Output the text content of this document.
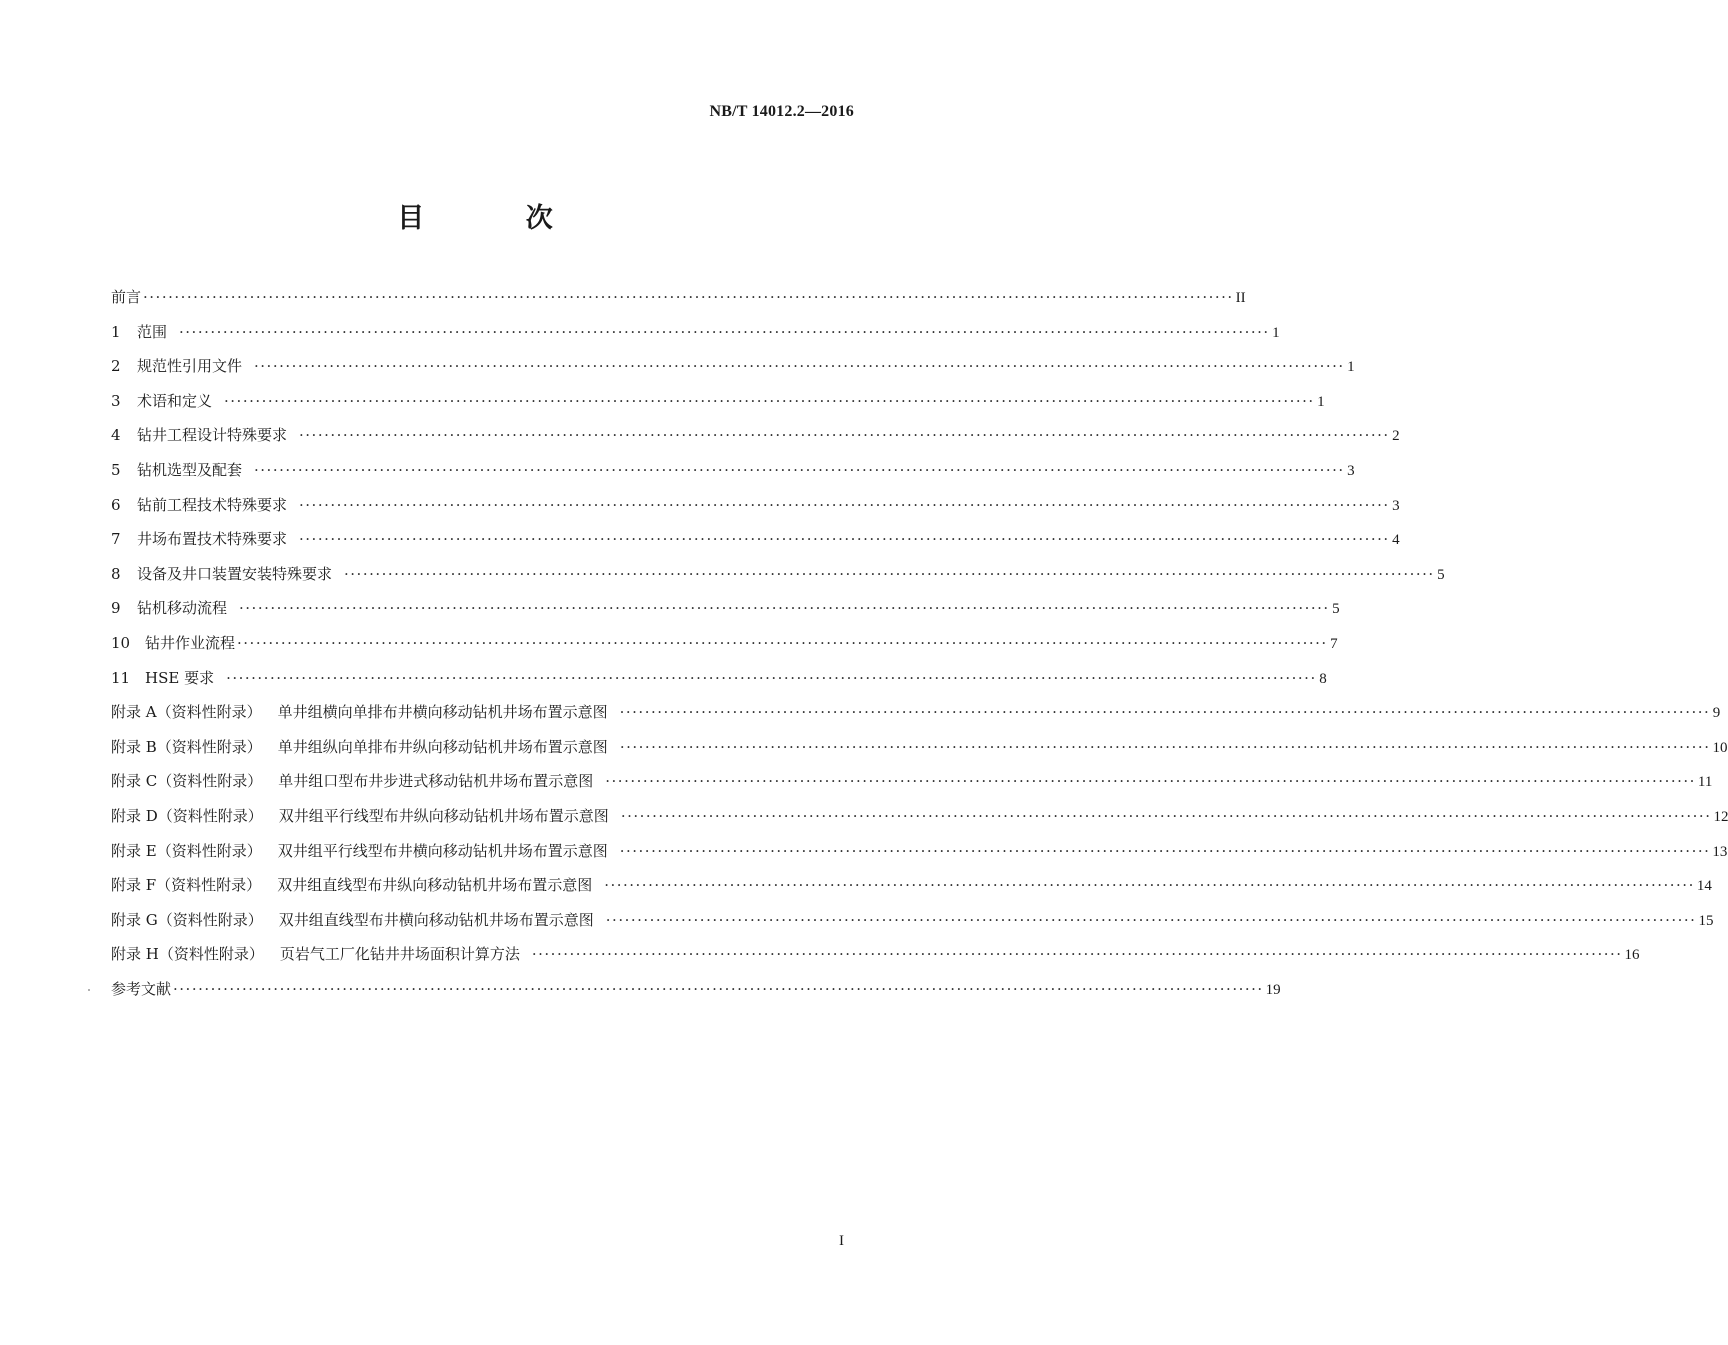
NB/T 14012.2—2016
目 次
前言 ·············································································································································································· II
1	范围 ·············································································································································································· 1
2	规范性引用文件 ·············································································································································································· 1
3	术语和定义 ·············································································································································································· 1
4	钻井工程设计特殊要求 ·············································································································································································· 2
5	钻机选型及配套 ·············································································································································································· 3
6	钻前工程技术特殊要求 ·············································································································································································· 3
7	井场布置技术特殊要求 ·············································································································································································· 4
8	设备及井口装置安装特殊要求 ·············································································································································································· 5
9	钻机移动流程 ·············································································································································································· 5
10 钻井作业流程 ·············································································································································································· 7
11 HSE 要求 ·············································································································································································· 8
附录 A（资料性附录） 单井组横向单排布井横向移动钻机井场布置示意图 ·············································································································································································· 9
附录 B（资料性附录） 单井组纵向单排布井纵向移动钻机井场布置示意图 ·············································································································································································· 10
附录 C（资料性附录） 单井组口型布井步进式移动钻机井场布置示意图 ·············································································································································································· 11
附录 D（资料性附录） 双井组平行线型布井纵向移动钻机井场布置示意图 ·············································································································································································· 12
附录 E（资料性附录） 双井组平行线型布井横向移动钻机井场布置示意图 ·············································································································································································· 13
附录 F（资料性附录） 双井组直线型布井纵向移动钻机井场布置示意图 ·············································································································································································· 14
附录 G（资料性附录） 双井组直线型布井横向移动钻机井场布置示意图 ·············································································································································································· 15
附录 H（资料性附录） 页岩气工厂化钻井井场面积计算方法 ·············································································································································································· 16
参考文献 ·············································································································································································· 19
I
